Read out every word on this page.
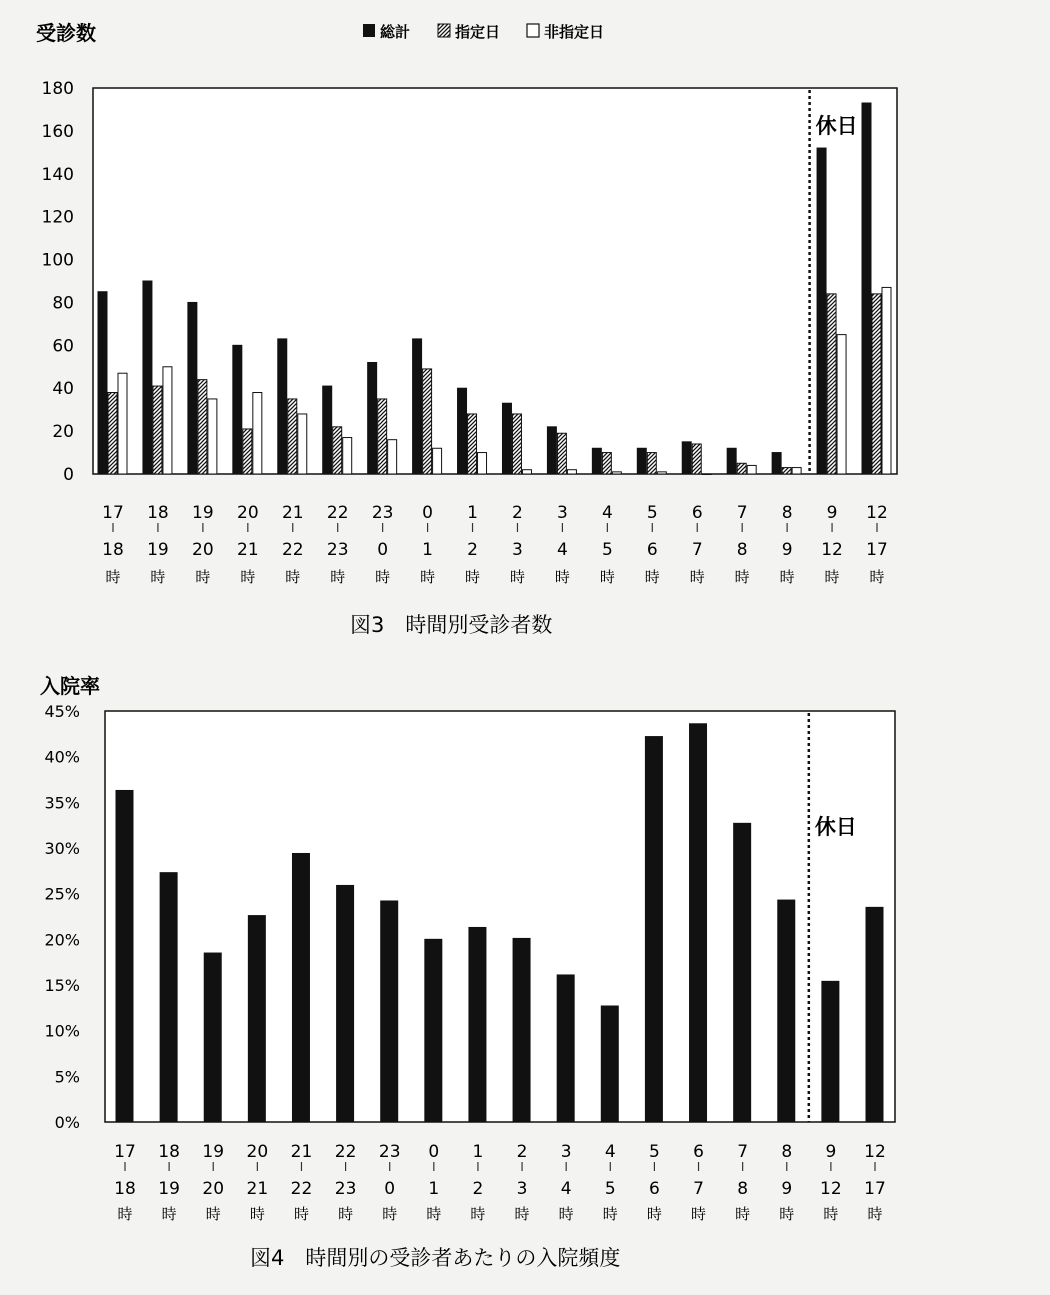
受診数	総計	指定日	非指定日
0
20
40
60
80
100
120
140
160
180
休日
17
18
時
18
19
時
19
20
時
20
21
時
21
22
時
22
23
時
23
0
時
0
1
時
1
2
時
2
3
時
3
4
時
4
5
時
5
6
時
6
7
時
7
8
時
8
9
時
9
12
時
12
17
時
図3　時間別受診者数
入院率
0%
5%
10%
15%
20%
25%
30%
35%
40%
45%
休日
17
18
時
18
19
時
19
20
時
20
21
時
21
22
時
22
23
時
23
0
時
0
1
時
1
2
時
2
3
時
3
4
時
4
5
時
5
6
時
6
7
時
7
8
時
8
9
時
9
12
時
12
17
時
図4　時間別の受診者あたりの入院頻度
